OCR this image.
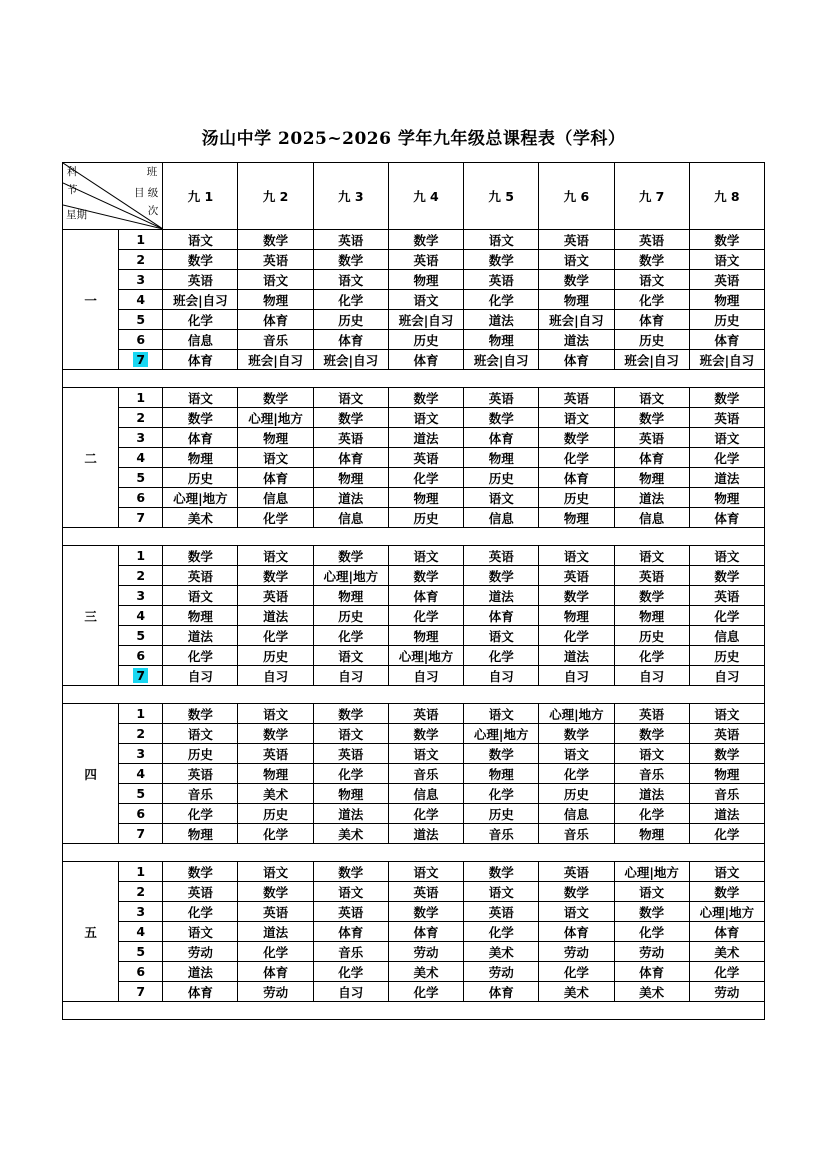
汤山中学 2025~2026 学年九年级总课程表（学科）
科
节
星期
班
目 级
次
	九 1	九 2	九 3	九 4	九 5	九 6	九 7	九 8
一	1	语文	数学	英语	数学	语文	英语	英语	数学
	2	数学	英语	数学	英语	数学	语文	数学	语文
	3	英语	语文	语文	物理	英语	数学	语文	英语
	4	班会|自习	物理	化学	语文	化学	物理	化学	物理
	5	化学	体育	历史	班会|自习	道法	班会|自习	体育	历史
	6	信息	音乐	体育	历史	物理	道法	历史	体育
	7	体育	班会|自习	班会|自习	体育	班会|自习	体育	班会|自习	班会|自习

二	1	语文	数学	语文	数学	英语	英语	语文	数学
	2	数学	心理|地方	数学	语文	数学	语文	数学	英语
	3	体育	物理	英语	道法	体育	数学	英语	语文
	4	物理	语文	体育	英语	物理	化学	体育	化学
	5	历史	体育	物理	化学	历史	体育	物理	道法
	6	心理|地方	信息	道法	物理	语文	历史	道法	物理
	7	美术	化学	信息	历史	信息	物理	信息	体育

三	1	数学	语文	数学	语文	英语	语文	语文	语文
	2	英语	数学	心理|地方	数学	数学	英语	英语	数学
	3	语文	英语	物理	体育	道法	数学	数学	英语
	4	物理	道法	历史	化学	体育	物理	物理	化学
	5	道法	化学	化学	物理	语文	化学	历史	信息
	6	化学	历史	语文	心理|地方	化学	道法	化学	历史
	7	自习	自习	自习	自习	自习	自习	自习	自习

四	1	数学	语文	数学	英语	语文	心理|地方	英语	语文
	2	语文	数学	语文	数学	心理|地方	数学	数学	英语
	3	历史	英语	英语	语文	数学	语文	语文	数学
	4	英语	物理	化学	音乐	物理	化学	音乐	物理
	5	音乐	美术	物理	信息	化学	历史	道法	音乐
	6	化学	历史	道法	化学	历史	信息	化学	道法
	7	物理	化学	美术	道法	音乐	音乐	物理	化学

五	1	数学	语文	数学	语文	数学	英语	心理|地方	语文
	2	英语	数学	语文	英语	语文	数学	语文	数学
	3	化学	英语	英语	数学	英语	语文	数学	心理|地方
	4	语文	道法	体育	体育	化学	体育	化学	体育
	5	劳动	化学	音乐	劳动	美术	劳动	劳动	美术
	6	道法	体育	化学	美术	劳动	化学	体育	化学
	7	体育	劳动	自习	化学	体育	美术	美术	劳动
